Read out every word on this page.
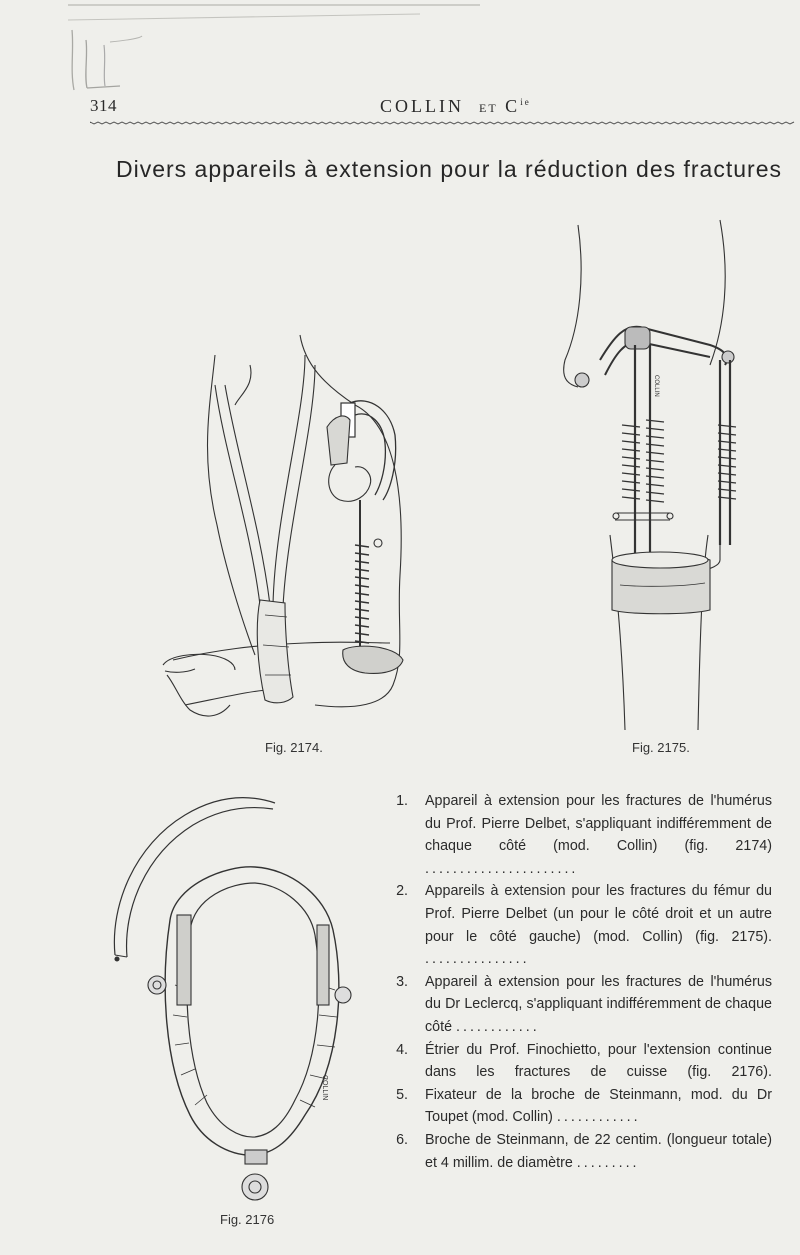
314	COLLIN ET $C^{ie}$
Divers appareils à extension pour la réduction des fractures
Fig. 2174.
COLLIN
Fig. 2175.
COLLIN
Fig. 2176
1. Appareil à extension pour les fractures de l'humérus du Prof. Pierre Delbet, s'appliquant indifféremment de chaque côté (mod. Collin) (fig. 2174) ......................
2. Appareils à extension pour les fractures du fémur du Prof. Pierre Delbet (un pour le côté droit et un autre pour le côté gauche) (mod. Collin) (fig. 2175). ...............
3. Appareil à extension pour les fractures de l'humérus du Dr Leclercq, s'appliquant indifféremment de chaque côté ............
4. Étrier du Prof. Finochietto, pour l'extension continue dans les fractures de cuisse (fig. 2176).
5. Fixateur de la broche de Steinmann, mod. du Dr Toupet (mod. Collin) ............
6. Broche de Steinmann, de 22 centim. (longueur totale) et 4 millim. de diamètre .........
